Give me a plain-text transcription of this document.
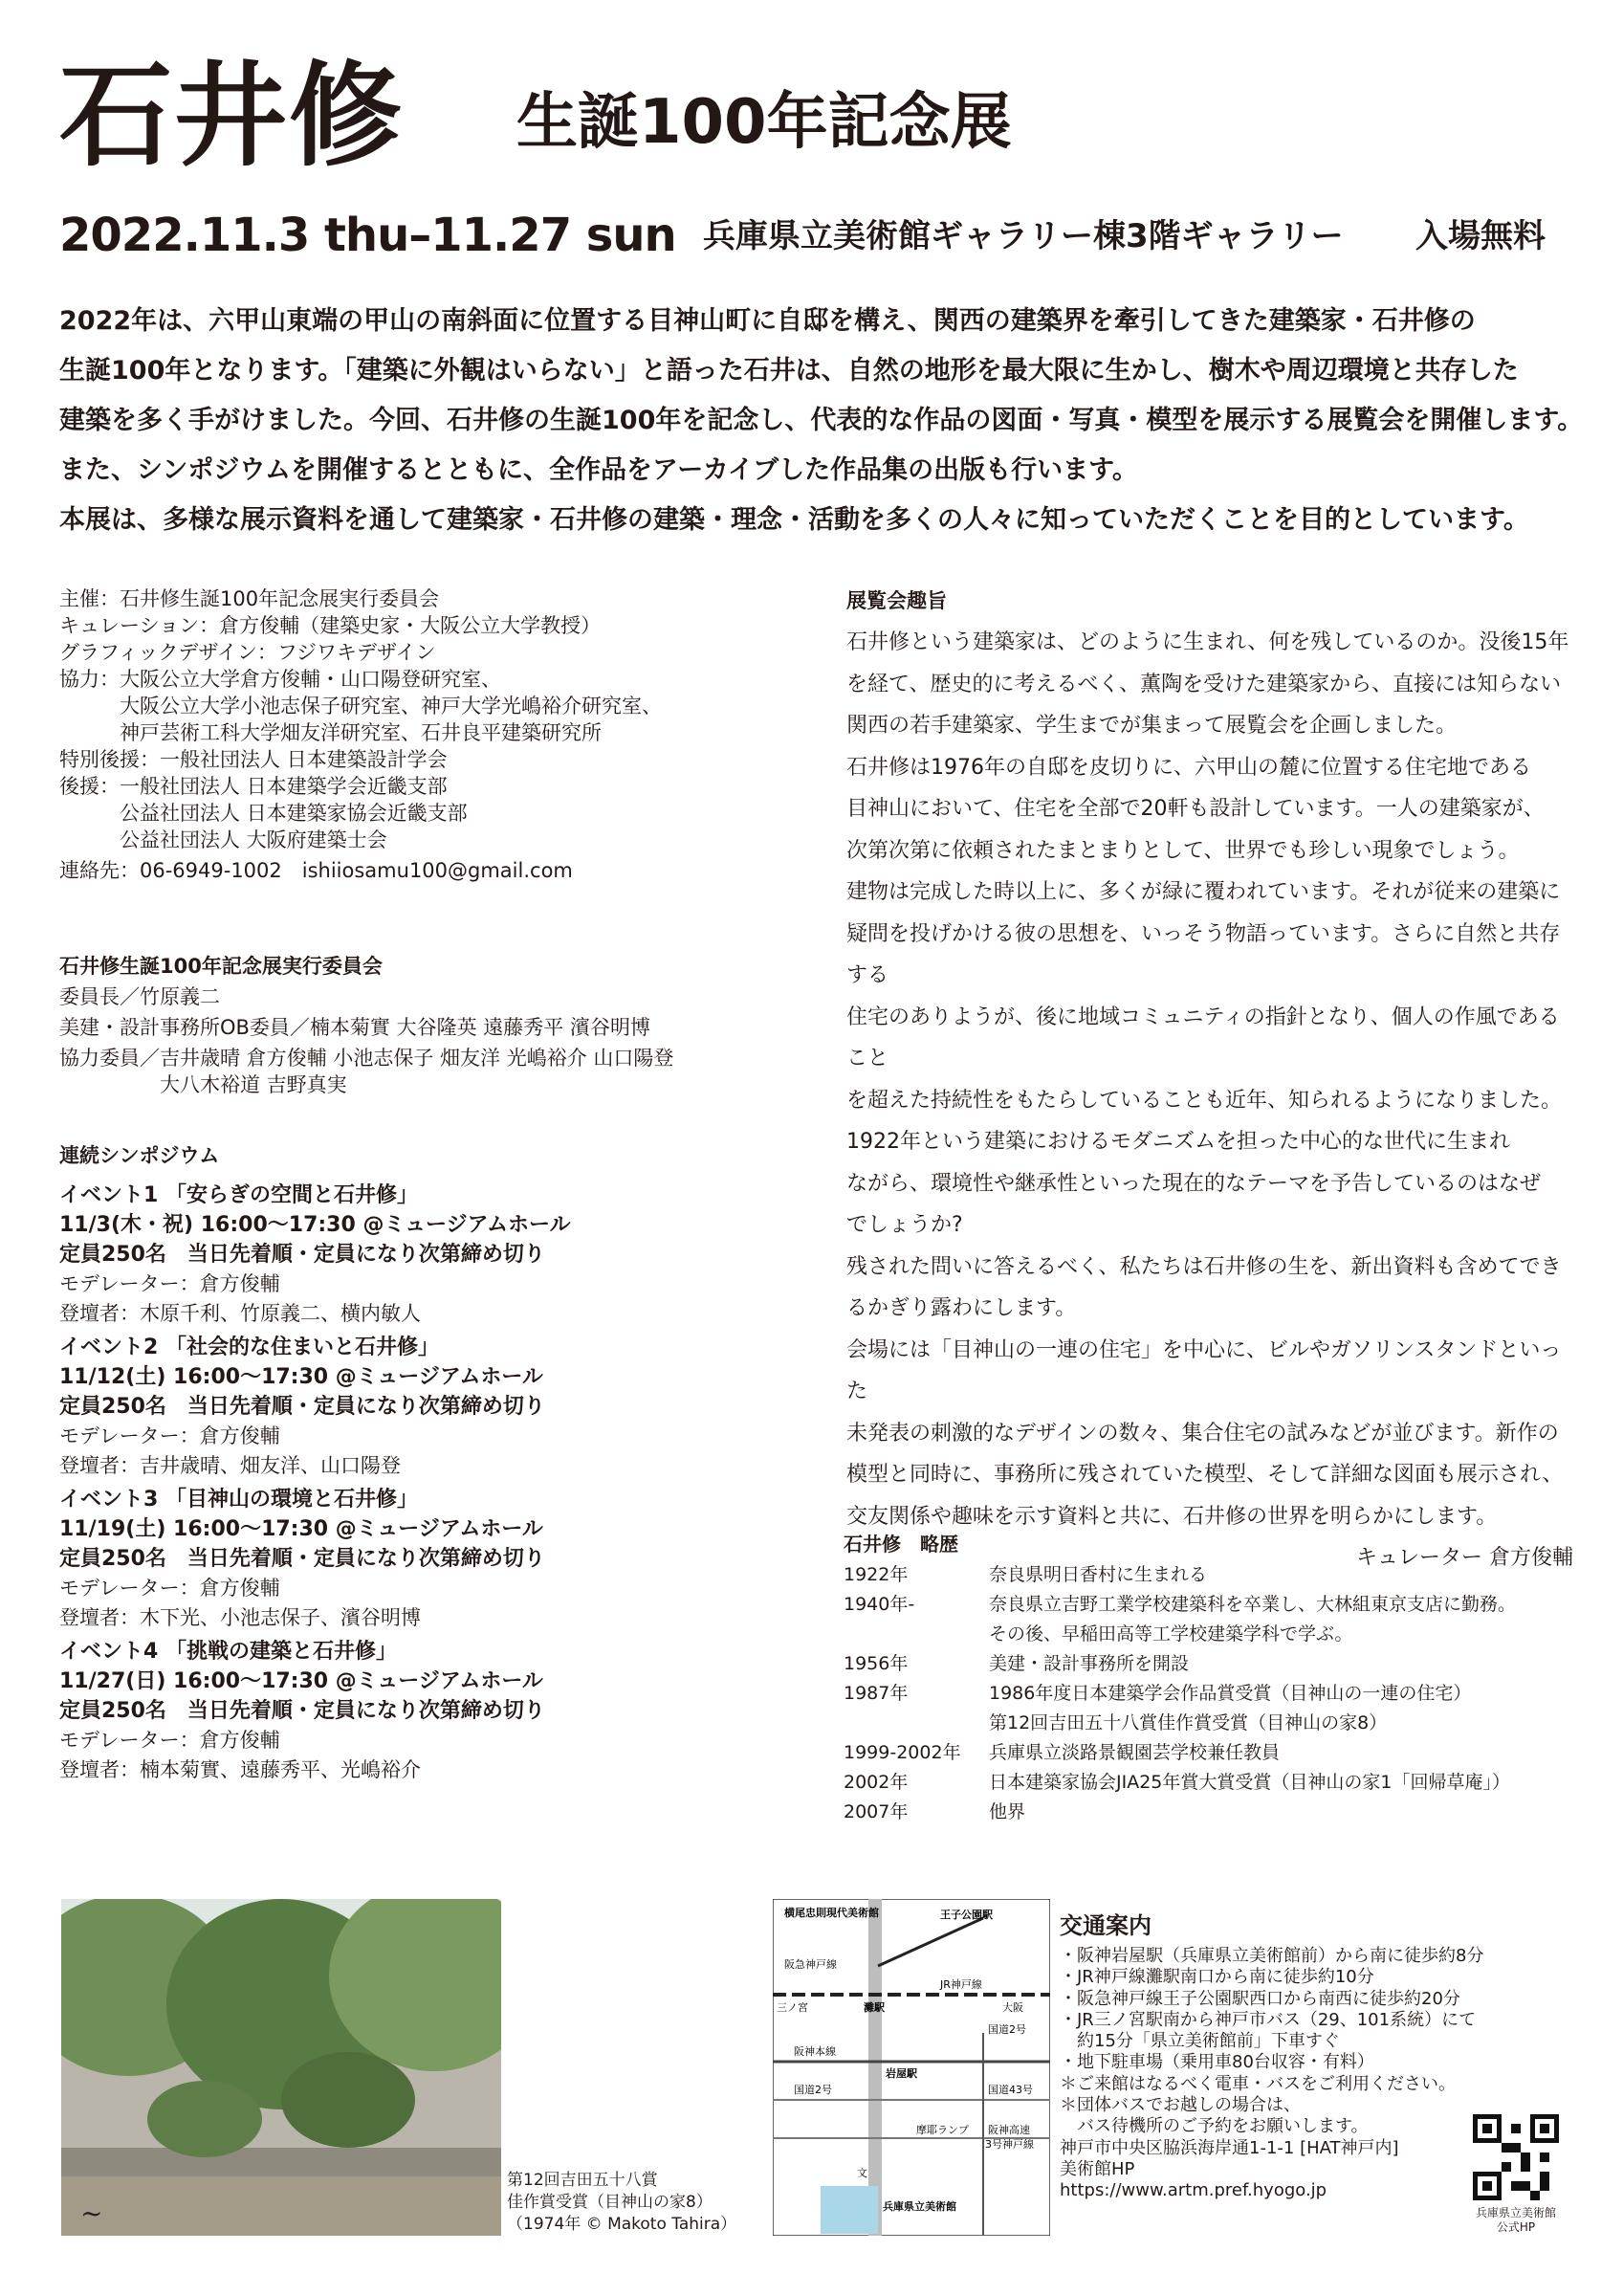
石井修 生誕100年記念展
2022.11.3 thu–11.27 sun 兵庫県立美術館ギャラリー棟3階ギャラリー 入場無料

2022年は、六甲山東端の甲山の南斜面に位置する目神山町に自邸を構え、関西の建築界を牽引してきた建築家・石井修の

生誕100年となります。「建築に外観はいらない」と語った石井は、自然の地形を最大限に生かし、樹木や周辺環境と共存した

建築を多く手がけました。今回、石井修の生誕100年を記念し、代表的な作品の図面・写真・模型を展示する展覧会を開催します。

また、シンポジウムを開催するとともに、全作品をアーカイブした作品集の出版も行います。

本展は、多様な展示資料を通して建築家・石井修の建築・理念・活動を多くの人々に知っていただくことを目的としています。

主催： 石井修生誕100年記念展実行委員会
キュレーション： 倉方俊輔（建築史家・大阪公立大学教授）
グラフィックデザイン： フジワキデザイン
協力： 大阪公立大学倉方俊輔・山口陽登研究室、
大阪公立大学小池志保子研究室、神戸大学光嶋裕介研究室、
神戸芸術工科大学畑友洋研究室、石井良平建築研究所
特別後援： 一般社団法人 日本建築設計学会
後援： 一般社団法人 日本建築学会近畿支部
公益社団法人 日本建築家協会近畿支部
公益社団法人 大阪府建築士会
連絡先： 06-6949-1002　ishiiosamu100@gmail.com
石井修生誕100年記念展実行委員会
委員長／竹原義二
美建・設計事務所OB委員／楠本菊實 大谷隆英 遠藤秀平 濱谷明博
協力委員／吉井歳晴 倉方俊輔 小池志保子 畑友洋 光嶋裕介 山口陽登
　　　　　大八木裕道 吉野真実
連続シンポジウム
イベント1 「安らぎの空間と石井修」
11/3(木・祝) 16:00～17:30 @ミュージアムホール
定員250名　当日先着順・定員になり次第締め切り
モデレーター：倉方俊輔
登壇者：木原千利、竹原義二、横内敏人
イベント2 「社会的な住まいと石井修」
11/12(土) 16:00～17:30 @ミュージアムホール
定員250名　当日先着順・定員になり次第締め切り
モデレーター：倉方俊輔
登壇者：吉井歳晴、畑友洋、山口陽登
イベント3 「目神山の環境と石井修」
11/19(土) 16:00～17:30 @ミュージアムホール
定員250名　当日先着順・定員になり次第締め切り
モデレーター：倉方俊輔
登壇者：木下光、小池志保子、濱谷明博
イベント4 「挑戦の建築と石井修」
11/27(日) 16:00～17:30 @ミュージアムホール
定員250名　当日先着順・定員になり次第締め切り
モデレーター：倉方俊輔
登壇者：楠本菊實、遠藤秀平、光嶋裕介
展覧会趣旨

石井修という建築家は、どのように生まれ、何を残しているのか。没後15年

を経て、歴史的に考えるべく、薫陶を受けた建築家から、直接には知らない

関西の若手建築家、学生までが集まって展覧会を企画しました。

石井修は1976年の自邸を皮切りに、六甲山の麓に位置する住宅地である

目神山において、住宅を全部で20軒も設計しています。一人の建築家が、

次第次第に依頼されたまとまりとして、世界でも珍しい現象でしょう。

建物は完成した時以上に、多くが緑に覆われています。それが従来の建築に

疑問を投げかける彼の思想を、いっそう物語っています。さらに自然と共存する

住宅のありようが、後に地域コミュニティの指針となり、個人の作風であること

を超えた持続性をもたらしていることも近年、知られるようになりました。

1922年という建築におけるモダニズムを担った中心的な世代に生まれ

ながら、環境性や継承性といった現在的なテーマを予告しているのはなぜ

でしょうか?

残された問いに答えるべく、私たちは石井修の生を、新出資料も含めてでき

るかぎり露わにします。

会場には「目神山の一連の住宅」を中心に、ビルやガソリンスタンドといった

未発表の刺激的なデザインの数々、集合住宅の試みなどが並びます。新作の

模型と同時に、事務所に残されていた模型、そして詳細な図面も展示され、

交友関係や趣味を示す資料と共に、石井修の世界を明らかにします。

キュレーター 倉方俊輔
石井修　略歴
1922年	奈良県明日香村に生まれる
1940年-	奈良県立吉野工業学校建築科を卒業し、大林組東京支店に勤務。
	その後、早稲田高等工学校建築学科で学ぶ。
1956年	美建・設計事務所を開設
1987年	1986年度日本建築学会作品賞受賞（目神山の一連の住宅）
	第12回吉田五十八賞佳作賞受賞（目神山の家8）
1999-2002年	兵庫県立淡路景観園芸学校兼任教員
2002年	日本建築家協会JIA25年賞大賞受賞（目神山の家1「回帰草庵」）
2007年	他界
~
第12回吉田五十八賞
佳作賞受賞（目神山の家8）
（1974年 © Makoto Tahira）
横尾忠則現代美術館	王子公園駅
阪急神戸線
JR神戸線
三ノ宮	灘駅	大阪
阪神本線
岩屋駅
国道2号
国道2号
国道43号
摩耶ランプ 阪神高速
3号神戸線
文
兵庫県立美術館
交通案内
・阪神岩屋駅（兵庫県立美術館前）から南に徒歩約8分
・JR神戸線灘駅南口から南に徒歩約10分
・阪急神戸線王子公園駅西口から南西に徒歩約20分
・JR三ノ宮駅南から神戸市バス（29、101系統）にて
　約15分「県立美術館前」下車すぐ
・地下駐車場（乗用車80台収容・有料）
＊ご来館はなるべく電車・バスをご利用ください。
＊団体バスでお越しの場合は、
　バス待機所のご予約をお願いします。
神戸市中央区脇浜海岸通1-1-1 [HAT神戸内]
美術館HP
https://www.artm.pref.hyogo.jp
兵庫県立美術館
公式HP
